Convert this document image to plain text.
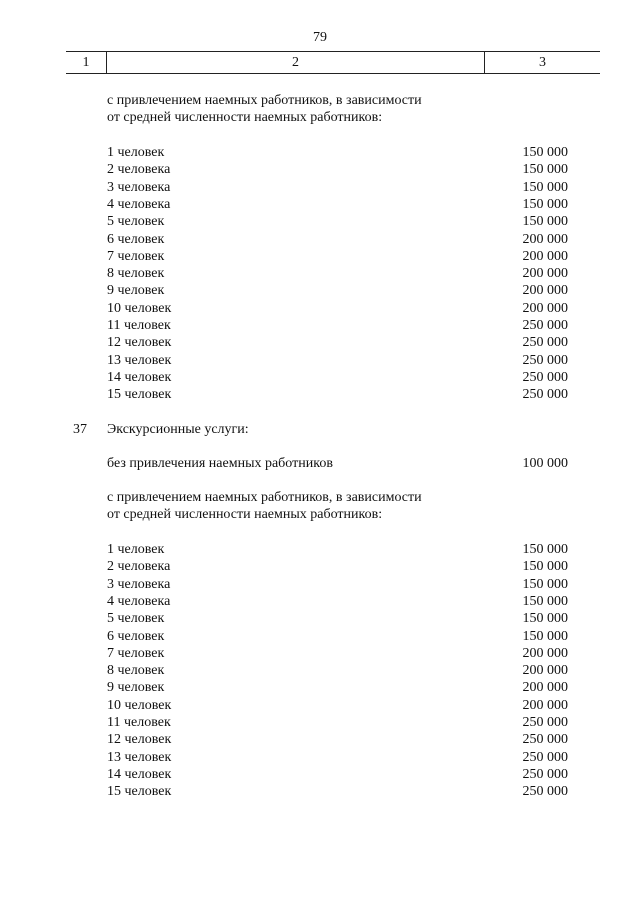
79
1	2	3
с привлечением наемных работников, в зависимости
от средней численности наемных работников:
1 человек	150 000
2 человека	150 000
3 человека	150 000
4 человека	150 000
5 человек	150 000
6 человек	200 000
7 человек	200 000
8 человек	200 000
9 человек	200 000
10 человек	200 000
11 человек	250 000
12 человек	250 000
13 человек	250 000
14 человек	250 000
15 человек	250 000
37 Экскурсионные услуги:
без привлечения наемных работников	100 000
с привлечением наемных работников, в зависимости
от средней численности наемных работников:
1 человек	150 000
2 человека	150 000
3 человека	150 000
4 человека	150 000
5 человек	150 000
6 человек	150 000
7 человек	200 000
8 человек	200 000
9 человек	200 000
10 человек	200 000
11 человек	250 000
12 человек	250 000
13 человек	250 000
14 человек	250 000
15 человек	250 000
